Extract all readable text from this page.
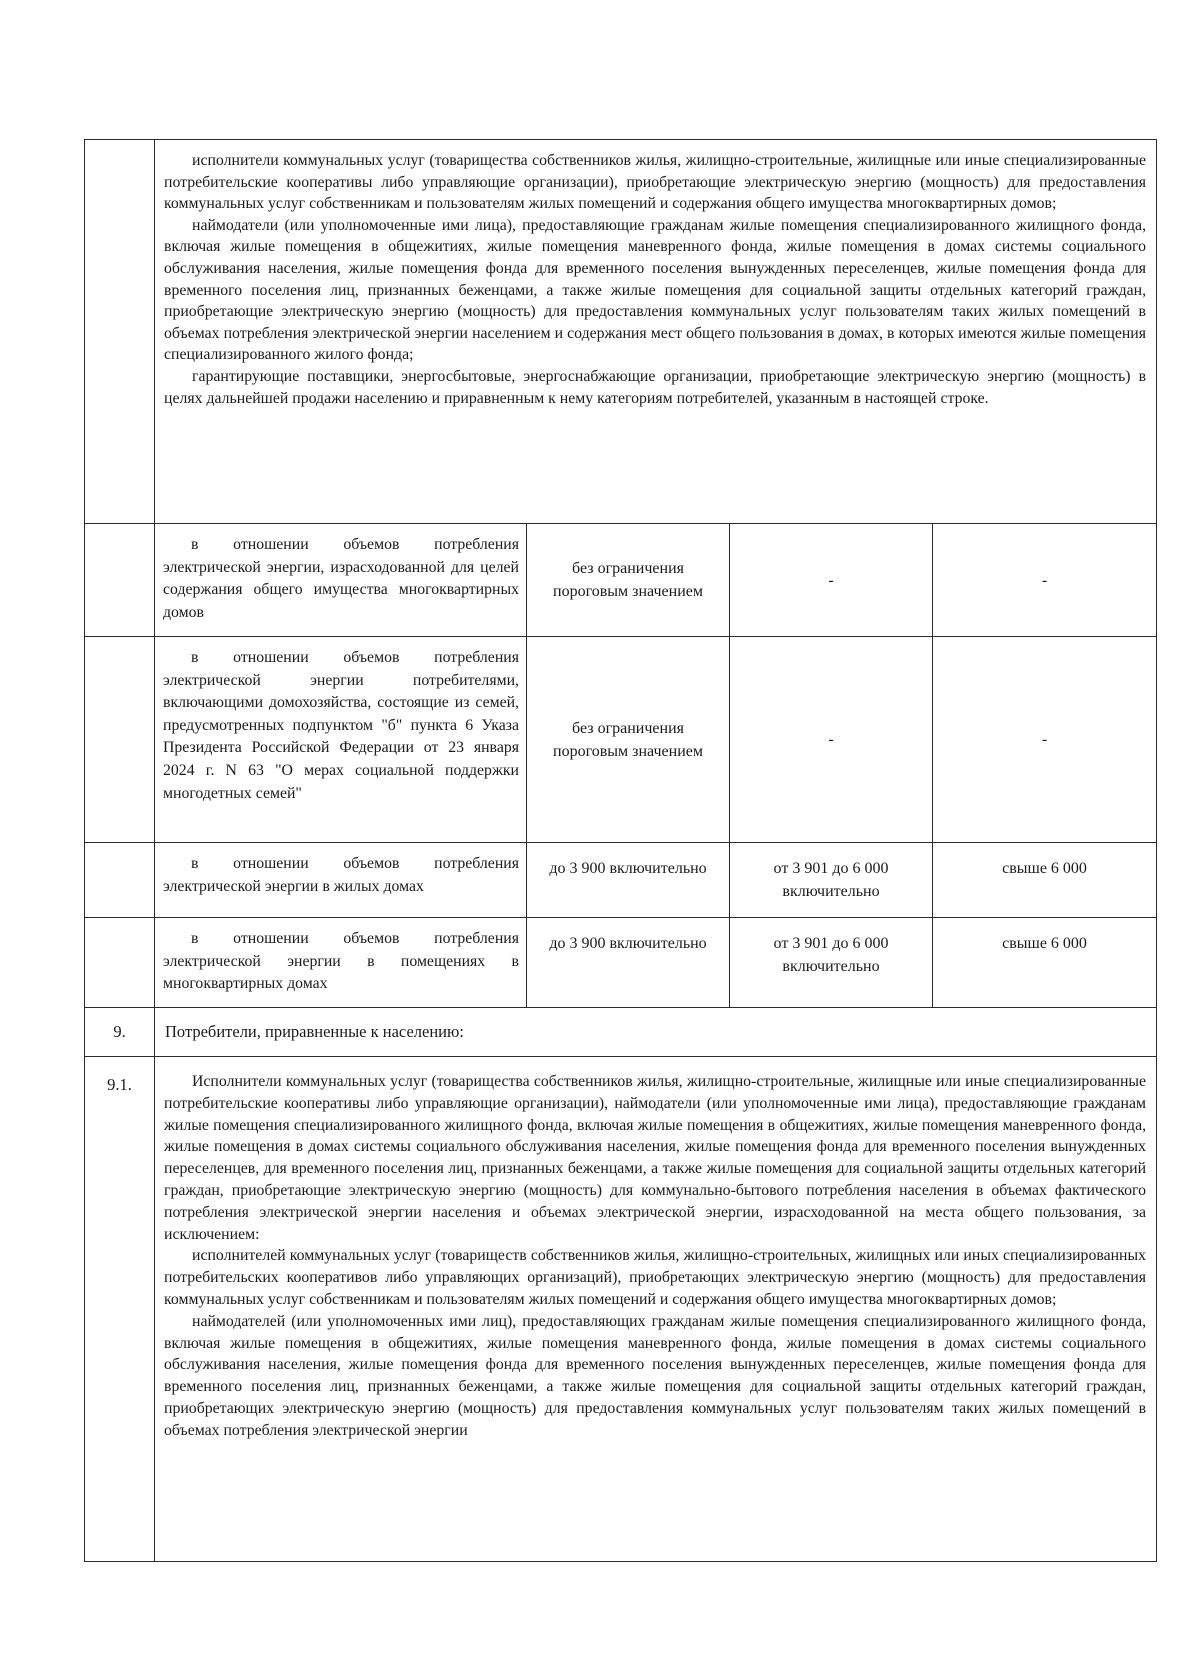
	исполнители коммунальных услуг (товарищества собственников жилья, жилищно-строительные, жилищные или иные специализированные потребительские кооперативы либо управляющие организации), приобретающие электрическую энергию (мощность) для предоставления коммунальных услуг собственникам и пользователям жилых помещений и содержания общего имущества многоквартирных домов;

наймодатели (или уполномоченные ими лица), предоставляющие гражданам жилые помещения специализированного жилищного фонда, включая жилые помещения в общежитиях, жилые помещения маневренного фонда, жилые помещения в домах системы социального обслуживания населения, жилые помещения фонда для временного поселения вынужденных переселенцев, жилые помещения фонда для временного поселения лиц, признанных беженцами, а также жилые помещения для социальной защиты отдельных категорий граждан, приобретающие электрическую энергию (мощность) для предоставления коммунальных услуг пользователям таких жилых помещений в объемах потребления электрической энергии населением и содержания мест общего пользования в домах, в которых имеются жилые помещения специализированного жилого фонда;

гарантирующие поставщики, энергосбытовые, энергоснабжающие организации, приобретающие электрическую энергию (мощность) в целях дальнейшей продажи населению и приравненным к нему категориям потребителей, указанным в настоящей строке.			

	в отношении объемов потребления электрической энергии, израсходованной для целей содержания общего имущества многоквартирных домов	без ограничения пороговым значением	-	-

	в отношении объемов потребления электрической энергии потребителями, включающими домохозяйства, состоящие из семей, предусмотренных подпунктом "б" пункта 6 Указа Президента Российской Федерации от 23 января 2024 г. N 63 "О мерах социальной поддержки многодетных семей"	без ограничения пороговым значением	-	-

	в отношении объемов потребления электрической энергии в жилых домах	до 3 900 включительно	от 3 901 до 6 000 включительно	свыше 6 000

	в отношении объемов потребления электрической энергии в помещениях в многоквартирных домах	до 3 900 включительно	от 3 901 до 6 000 включительно	свыше 6 000
9.	Потребители, приравненные к населению:			
9.1.	Исполнители коммунальных услуг (товарищества собственников жилья, жилищно-строительные, жилищные или иные специализированные потребительские кооперативы либо управляющие организации), наймодатели (или уполномоченные ими лица), предоставляющие гражданам жилые помещения специализированного жилищного фонда, включая жилые помещения в общежитиях, жилые помещения маневренного фонда, жилые помещения в домах системы социального обслуживания населения, жилые помещения фонда для временного поселения вынужденных переселенцев, для временного поселения лиц, признанных беженцами, а также жилые помещения для социальной защиты отдельных категорий граждан, приобретающие электрическую энергию (мощность) для коммунально-бытового потребления населения в объемах фактического потребления электрической энергии населения и объемах электрической энергии, израсходованной на места общего пользования, за исключением:

исполнителей коммунальных услуг (товариществ собственников жилья, жилищно-строительных, жилищных или иных специализированных потребительских кооперативов либо управляющих организаций), приобретающих электрическую энергию (мощность) для предоставления коммунальных услуг собственникам и пользователям жилых помещений и содержания общего имущества многоквартирных домов;

наймодателей (или уполномоченных ими лиц), предоставляющих гражданам жилые помещения специализированного жилищного фонда, включая жилые помещения в общежитиях, жилые помещения маневренного фонда, жилые помещения в домах системы социального обслуживания населения, жилые помещения фонда для временного поселения вынужденных переселенцев, жилые помещения фонда для временного поселения лиц, признанных беженцами, а также жилые помещения для социальной защиты отдельных категорий граждан, приобретающих электрическую энергию (мощность) для предоставления коммунальных услуг пользователям таких жилых помещений в объемах потребления электрической энергии			
